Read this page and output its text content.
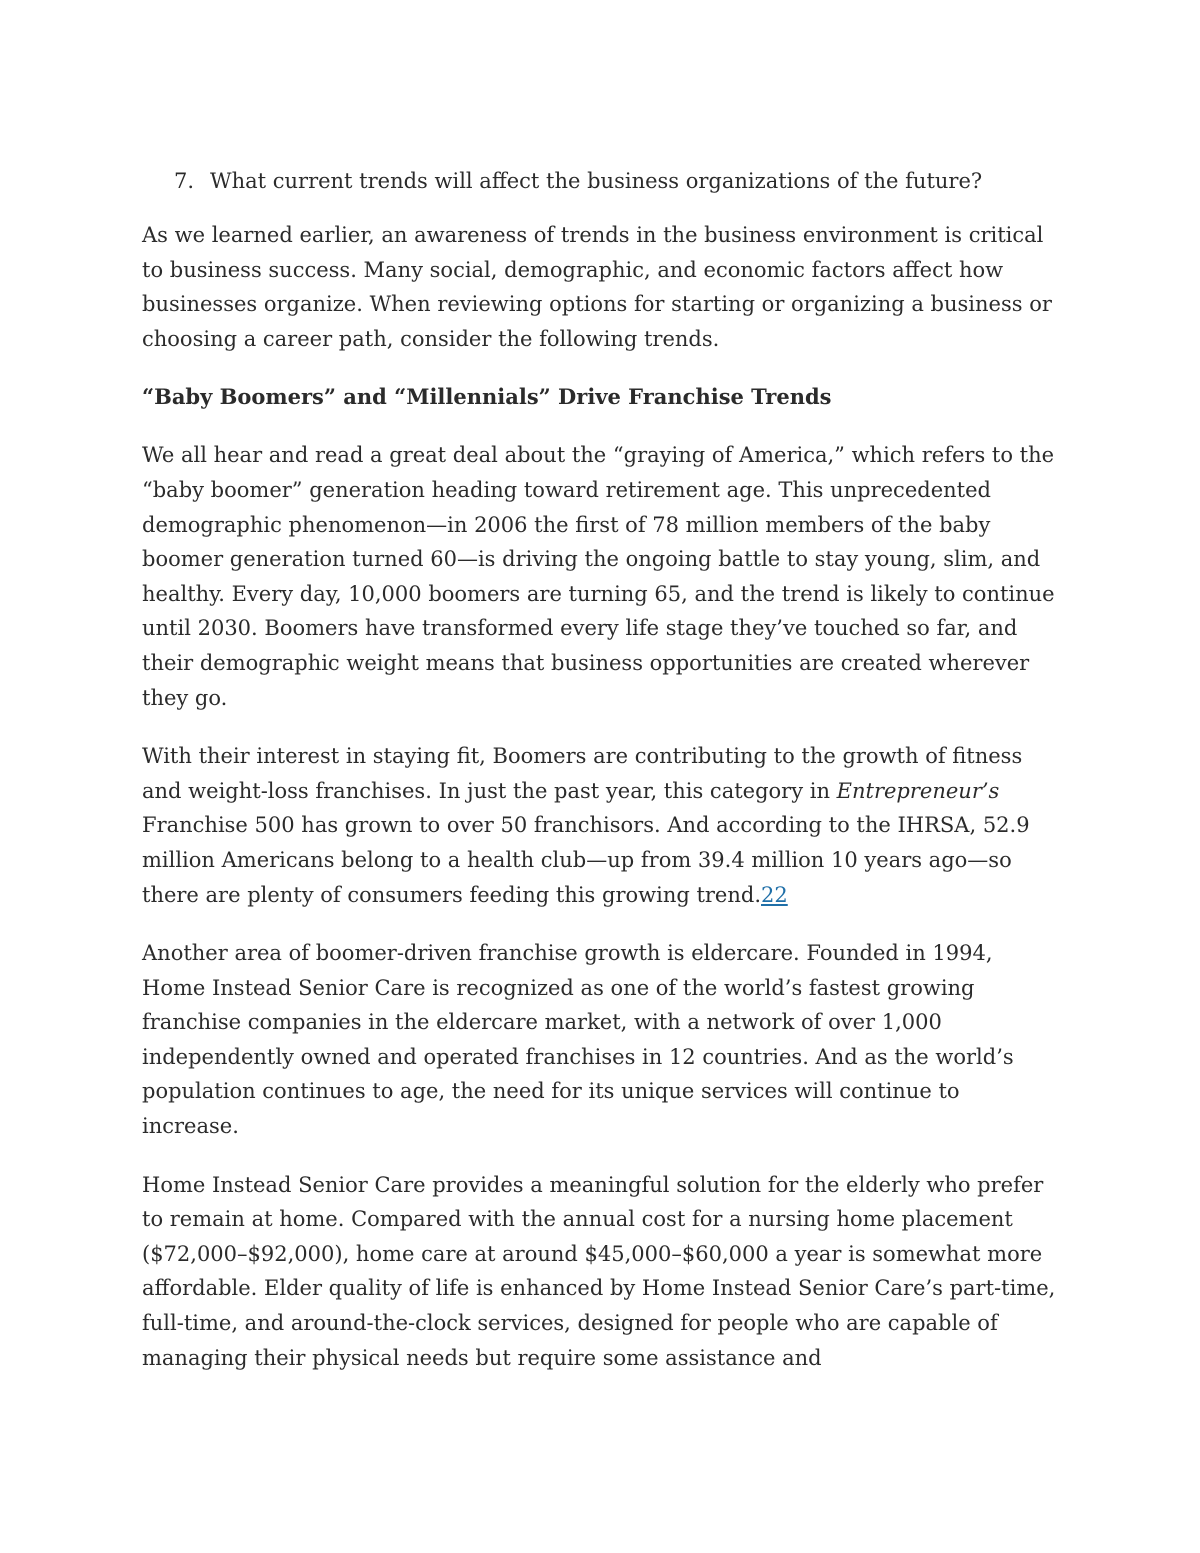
7. What current trends will affect the business organizations of the future?

As we learned earlier, an awareness of trends in the business environment is critical to business success. Many social, demographic, and economic factors affect how businesses organize. When reviewing options for starting or organizing a business or choosing a career path, consider the following trends.

“Baby Boomers” and “Millennials” Drive Franchise Trends

We all hear and read a great deal about the “graying of America,” which refers to the “baby boomer” generation heading toward retirement age. This unprecedented demographic phenomenon—in 2006 the first of 78 million members of the baby boomer generation turned 60—is driving the ongoing battle to stay young, slim, and healthy. Every day, 10,000 boomers are turning 65, and the trend is likely to continue until 2030. Boomers have transformed every life stage they’ve touched so far, and their demographic weight means that business opportunities are created wherever they go.

With their interest in staying fit, Boomers are contributing to the growth of fitness and weight-loss franchises. In just the past year, this category in Entrepreneur’s Franchise 500 has grown to over 50 franchisors. And according to the IHRSA, 52.9 million Americans belong to a health club—up from 39.4 million 10 years ago—so there are plenty of consumers feeding this growing trend.22

Another area of boomer-driven franchise growth is eldercare. Founded in 1994, Home Instead Senior Care is recognized as one of the world’s fastest growing franchise companies in the eldercare market, with a network of over 1,000 independently owned and operated franchises in 12 countries. And as the world’s population continues to age, the need for its unique services will continue to increase.

Home Instead Senior Care provides a meaningful solution for the elderly who prefer to remain at home. Compared with the annual cost for a nursing home placement ($72,000–$92,000), home care at around $45,000–$60,000 a year is somewhat more affordable. Elder quality of life is enhanced by Home Instead Senior Care’s part-time, full-time, and around-the-clock services, designed for people who are capable of managing their physical needs but require some assistance and
